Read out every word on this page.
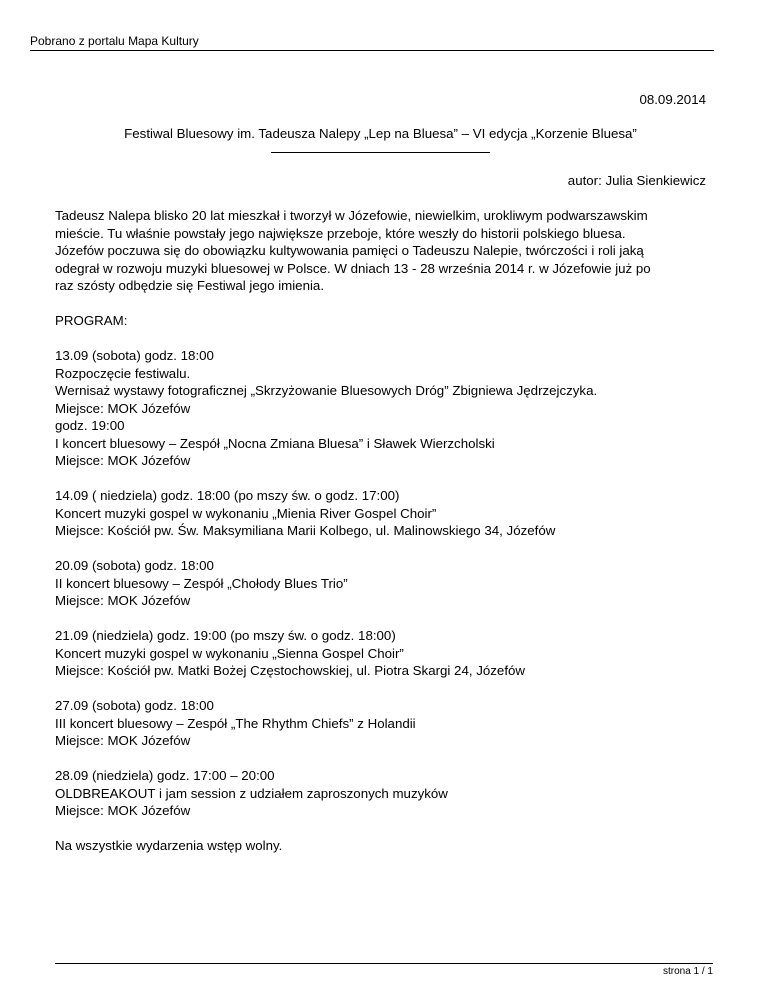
Pobrano z portalu Mapa Kultury
08.09.2014
Festiwal Bluesowy im. Tadeusza Nalepy „Lep na Bluesa” – VI edycja „Korzenie Bluesa”
autor: Julia Sienkiewicz
Tadeusz Nalepa blisko 20 lat mieszkał i tworzył w Józefowie, niewielkim, urokliwym podwarszawskim
mieście. Tu właśnie powstały jego największe przeboje, które weszły do historii polskiego bluesa.
Józefów poczuwa się do obowiązku kultywowania pamięci o Tadeuszu Nalepie, twórczości i roli jaką
odegrał w rozwoju muzyki bluesowej w Polsce. W dniach 13 - 28 września 2014 r. w Józefowie już po
raz szósty odbędzie się Festiwal jego imienia.
PROGRAM:
13.09 (sobota) godz. 18:00
Rozpoczęcie festiwalu.
Wernisaż wystawy fotograficznej „Skrzyżowanie Bluesowych Dróg” Zbigniewa Jędrzejczyka.
Miejsce: MOK Józefów
godz. 19:00
I koncert bluesowy – Zespół „Nocna Zmiana Bluesa” i Sławek Wierzcholski
Miejsce: MOK Józefów
14.09 ( niedziela) godz. 18:00 (po mszy św. o godz. 17:00)
Koncert muzyki gospel w wykonaniu „Mienia River Gospel Choir”
Miejsce: Kościół pw. Św. Maksymiliana Marii Kolbego, ul. Malinowskiego 34, Józefów
20.09 (sobota) godz. 18:00
II koncert bluesowy – Zespół „Chołody Blues Trio”
Miejsce: MOK Józefów
21.09 (niedziela) godz. 19:00 (po mszy św. o godz. 18:00)
Koncert muzyki gospel w wykonaniu „Sienna Gospel Choir”
Miejsce: Kościół pw. Matki Bożej Częstochowskiej, ul. Piotra Skargi 24, Józefów
27.09 (sobota) godz. 18:00
III koncert bluesowy – Zespół „The Rhythm Chiefs” z Holandii
Miejsce: MOK Józefów
28.09 (niedziela) godz. 17:00 – 20:00
OLDBREAKOUT i jam session z udziałem zaproszonych muzyków
Miejsce: MOK Józefów
Na wszystkie wydarzenia wstęp wolny.
strona 1 / 1
